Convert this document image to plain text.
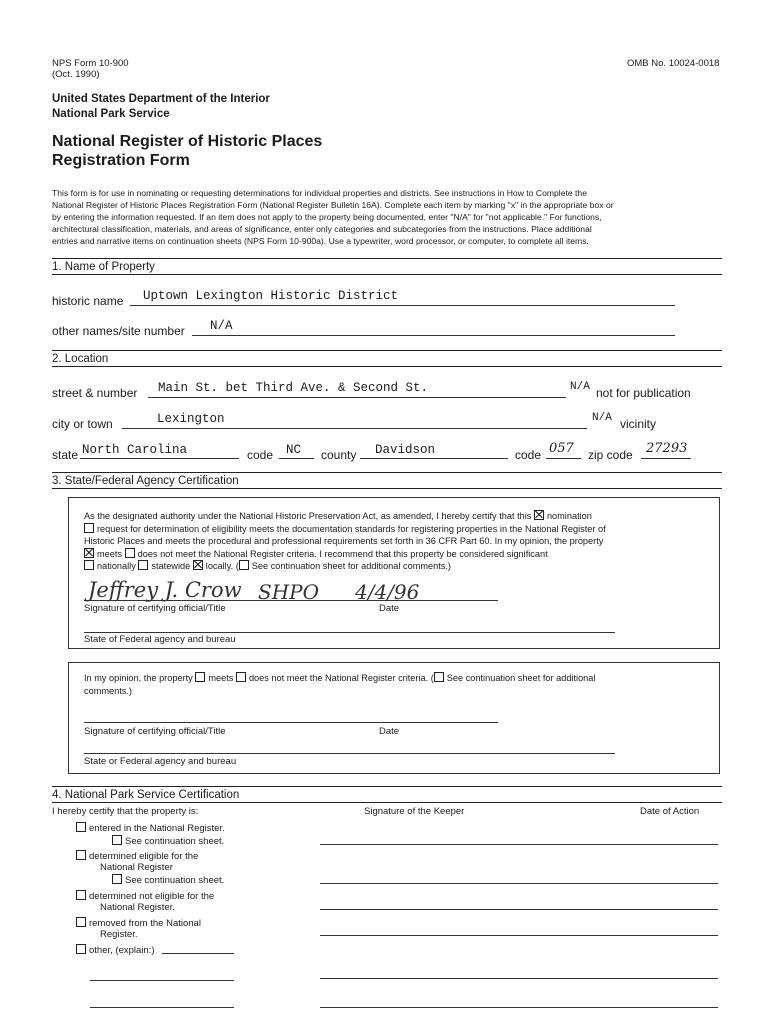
NPS Form 10-900
(Oct. 1990)
OMB No. 10024-0018
United States Department of the Interior
National Park Service
National Register of Historic Places
Registration Form
This form is for use in nominating or requesting determinations for individual properties and districts. See instructions in How to Complete the
National Register of Historic Places Registration Form (National Register Bulletin 16A). Complete each item by marking "x" in the appropriate box or
by entering the information requested. If an item does not apply to the property being documented, enter "N/A" for "not applicable." For functions,
architectural classification, materials, and areas of significance, enter only categories and subcategories from the instructions. Place additional
entries and narrative items on continuation sheets (NPS Form 10-900a). Use a typewriter, word processor, or computer, to complete all items.
1. Name of Property
historic name Uptown Lexington Historic District
other names/site number N/A
2. Location
street & number Main St. bet Third Ave. & Second St.	N/A not for publication
city or town	Lexington	N/A vicinity
state North Carolina	code NC county Davidson	code 057 zip code 27293
3. State/Federal Agency Certification
As the designated authority under the National Historic Preservation Act, as amended, I hereby certify that this nomination
request for determination of eligibility meets the documentation standards for registering properties in the National Register of
Historic Places and meets the procedural and professional requirements set forth in 36 CFR Part 60. In my opinion, the property
meets does not meet the National Register criteria. I recommend that this property be considered significant
nationally statewide locally. ( See continuation sheet for additional comments.)
Jeffrey J. Crow SHPO 4/4/96
Signature of certifying official/Title	Date
State of Federal agency and bureau
In my opinion, the property meets does not meet the National Register criteria. ( See continuation sheet for additional
comments.)
Signature of certifying official/Title	Date
State or Federal agency and bureau
4. National Park Service Certification
I hereby certify that the property is:	Signature of the Keeper	Date of Action
entered in the National Register.
See continuation sheet.
determined eligible for the
National Register
See continuation sheet.
determined not eligible for the
National Register.
removed from the National
Register.
other, (explain:)
